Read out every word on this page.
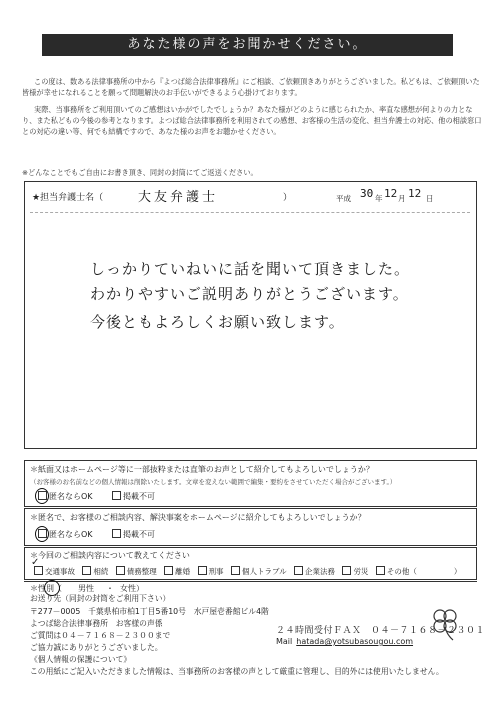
あなた様の声をお聞かせください。
この度は、数ある法律事務所の中から『よつば総合法律事務所』にご相談、ご依頼頂きありがとうございました。私どもは、ご依頼頂いた皆様が幸せになれることを願って問題解決のお手伝いができるよう心掛けております。
実際、当事務所をご利用頂いてのご感想はいかがでしたでしょうか？あなた様がどのように感じられたか、率直な感想が何よりの力となり、また私どもの今後の参考となります。よつば総合法律事務所を利用されての感想、お客様の生活の変化、担当弁護士の対応、他の相談窓口との対応の違い等、何でも結構ですので、あなた様のお声をお聴かせください。
※どんなことでもご自由にお書き頂き、同封の封筒にてご返送ください。
★担当弁護士名（	大友弁護士	）	平成 30 年 12 月 12 日
しっかりていねいに話を聞いて頂きました。
わかりやすいご説明ありがとうございます。
今後ともよろしくお願い致します。
＊紙面又はホームページ等に一部抜粋または直筆のお声として紹介してもよろしいでしょうか？
（お客様のお名前などの個人情報は削除いたします。文章を変えない範囲で編集・要約をさせていただく場合がございます。）
匿名ならOK	掲載不可
＊匿名で、お客様のご相談内容、解決事案をホームページに紹介してもよろしいでしょうか？
匿名ならOK	掲載不可
＊今回のご相談内容について教えてください
交通事故 相続 債務整理 離婚 刑事 個人トラブル 企業法務 労災 その他（	）
✓
＊性別（ 男性 ・ 女性）
お送り先（同封の封筒をご利用下さい）
〒277－0005　千葉県柏市柏1丁目5番10号　水戸屋壱番館ビル4階
よつば総合法律事務所　お客様の声係
ご質問は０４－７１６８－２３００まで
ご協力誠にありがとうございました。
《個人情報の保護について》
この用紙にご記入いただきました情報は、当事務所のお客様の声として厳重に管理し、目的外には使用いたしません。
２４時間受付ＦＡＸ　０４－７１６８－２３０１
Mail hatada@yotsubasougou.com
